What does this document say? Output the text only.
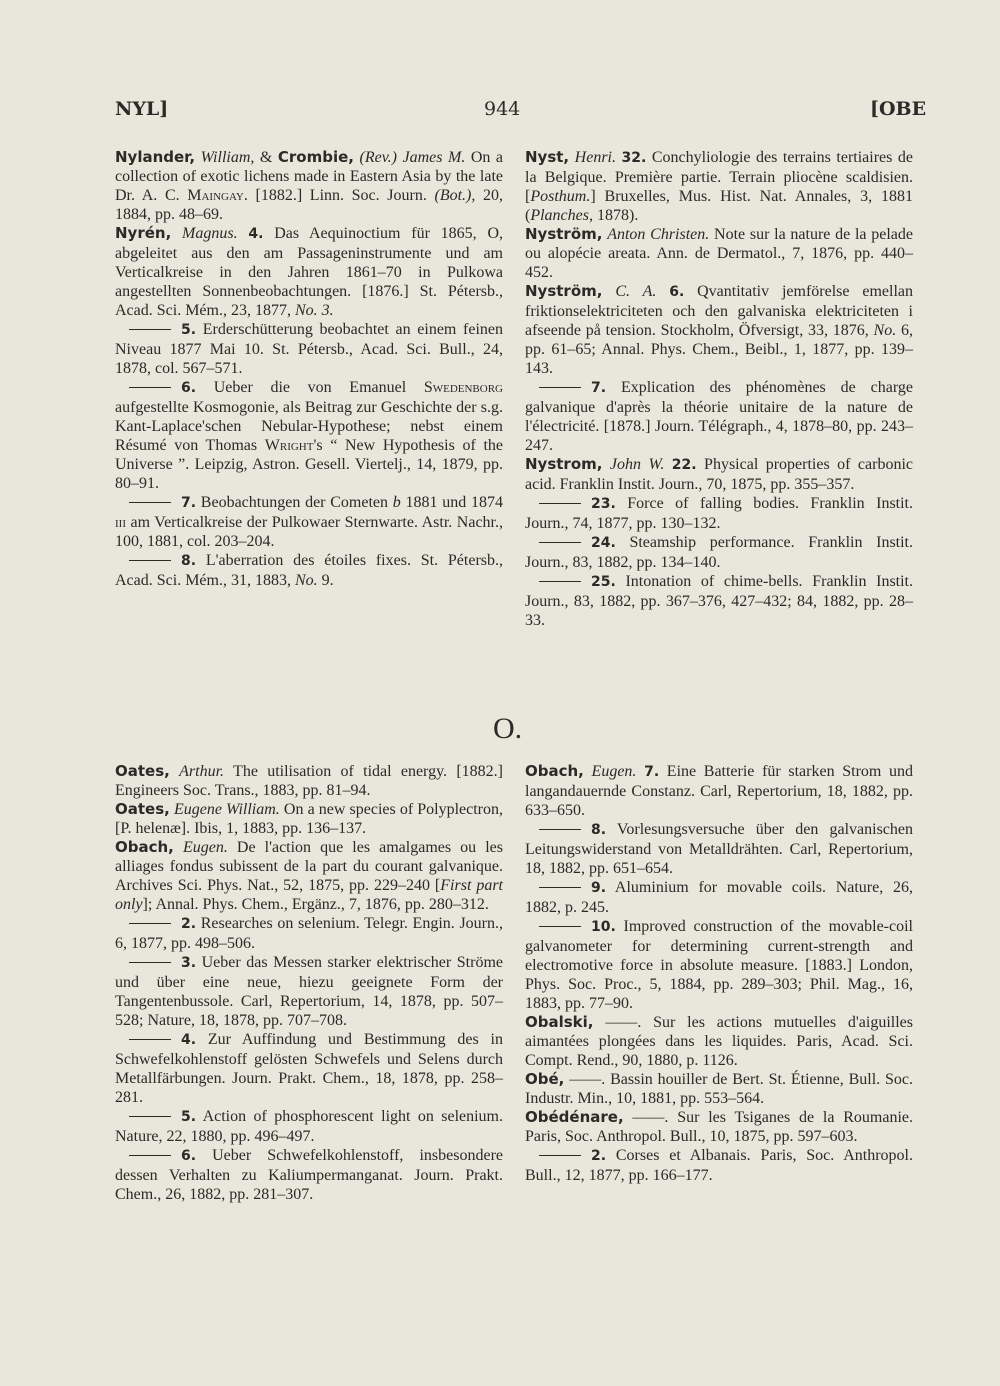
NYL]	944	[OBE

Nylander, William, & Crombie, (Rev.) James M. On a collection of exotic lichens made in Eastern Asia by the late Dr. A. C. Maingay. [1882.] Linn. Soc. Journ. (Bot.), 20, 1884, pp. 48–69.

Nyrén, Magnus. 4. Das Aequinoctium für 1865, O, abgeleitet aus den am Passageninstrumente und am Verticalkreise in den Jahren 1861–70 in Pulkowa angestellten Sonnenbeobachtungen. [1876.] St. Pétersb., Acad. Sci. Mém., 23, 1877, No. 3.

5. Erderschütterung beobachtet an einem feinen Niveau 1877 Mai 10. St. Pétersb., Acad. Sci. Bull., 24, 1878, col. 567–571.

6. Ueber die von Emanuel Swedenborg aufgestellte Kosmogonie, als Beitrag zur Geschichte der s.g. Kant-Laplace'schen Nebular-Hypothese; nebst einem Résumé von Thomas Wright's “ New Hypothesis of the Universe ”. Leipzig, Astron. Gesell. Viertelj., 14, 1879, pp. 80–91.

7. Beobachtungen der Cometen b 1881 und 1874 iii am Verticalkreise der Pulkowaer Sternwarte. Astr. Nachr., 100, 1881, col. 203–204.

8. L'aberration des étoiles fixes. St. Pétersb., Acad. Sci. Mém., 31, 1883, No. 9.

Nyst, Henri. 32. Conchyliologie des terrains tertiaires de la Belgique. Première partie. Terrain pliocène scaldisien. [Posthum.] Bruxelles, Mus. Hist. Nat. Annales, 3, 1881 (Planches, 1878).

Nyström, Anton Christen. Note sur la nature de la pelade ou alopécie areata. Ann. de Dermatol., 7, 1876, pp. 440–452.

Nyström, C. A. 6. Qvantitativ jemförelse emellan friktionselektriciteten och den galvaniska elektriciteten i afseende på tension. Stockholm, Öfversigt, 33, 1876, No. 6, pp. 61–65; Annal. Phys. Chem., Beibl., 1, 1877, pp. 139–143.

7. Explication des phénomènes de charge galvanique d'après la théorie unitaire de la nature de l'électricité. [1878.] Journ. Télégraph., 4, 1878–80, pp. 243–247.

Nystrom, John W. 22. Physical properties of carbonic acid. Franklin Instit. Journ., 70, 1875, pp. 355–357.

23. Force of falling bodies. Franklin Instit. Journ., 74, 1877, pp. 130–132.

24. Steamship performance. Franklin Instit. Journ., 83, 1882, pp. 134–140.

25. Intonation of chime-bells. Franklin Instit. Journ., 83, 1882, pp. 367–376, 427–432; 84, 1882, pp. 28–33.

O.

Oates, Arthur. The utilisation of tidal energy. [1882.] Engineers Soc. Trans., 1883, pp. 81–94.

Oates, Eugene William. On a new species of Polyplectron, [P. helenæ]. Ibis, 1, 1883, pp. 136–137.

Obach, Eugen. De l'action que les amalgames ou les alliages fondus subissent de la part du courant galvanique. Archives Sci. Phys. Nat., 52, 1875, pp. 229–240 [First part only]; Annal. Phys. Chem., Ergänz., 7, 1876, pp. 280–312.

2. Researches on selenium. Telegr. Engin. Journ., 6, 1877, pp. 498–506.

3. Ueber das Messen starker elektrischer Ströme und über eine neue, hiezu geeignete Form der Tangentenbussole. Carl, Repertorium, 14, 1878, pp. 507–528; Nature, 18, 1878, pp. 707–708.

4. Zur Auffindung und Bestimmung des in Schwefelkohlenstoff gelösten Schwefels und Selens durch Metallfärbungen. Journ. Prakt. Chem., 18, 1878, pp. 258–281.

5. Action of phosphorescent light on selenium. Nature, 22, 1880, pp. 496–497.

6. Ueber Schwefelkohlenstoff, insbesondere dessen Verhalten zu Kaliumpermanganat. Journ. Prakt. Chem., 26, 1882, pp. 281–307.

Obach, Eugen. 7. Eine Batterie für starken Strom und langandauernde Constanz. Carl, Repertorium, 18, 1882, pp. 633–650.

8. Vorlesungsversuche über den galvanischen Leitungswiderstand von Metalldrähten. Carl, Repertorium, 18, 1882, pp. 651–654.

9. Aluminium for movable coils. Nature, 26, 1882, p. 245.

10. Improved construction of the movable-coil galvanometer for determining current-strength and electromotive force in absolute measure. [1883.] London, Phys. Soc. Proc., 5, 1884, pp. 289–303; Phil. Mag., 16, 1883, pp. 77–90.

Obalski, ——. Sur les actions mutuelles d'aiguilles aimantées plongées dans les liquides. Paris, Acad. Sci. Compt. Rend., 90, 1880, p. 1126.

Obé, ——. Bassin houiller de Bert. St. Étienne, Bull. Soc. Industr. Min., 10, 1881, pp. 553–564.

Obédénare, ——. Sur les Tsiganes de la Roumanie. Paris, Soc. Anthropol. Bull., 10, 1875, pp. 597–603.

2. Corses et Albanais. Paris, Soc. Anthropol. Bull., 12, 1877, pp. 166–177.
